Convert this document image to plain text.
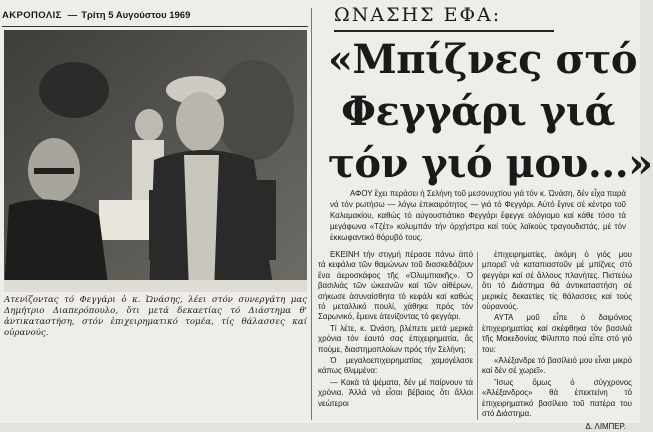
ΑΚΡΟΠΟΛΙΣ — Τρίτη 5 Αυγούστου 1969

Ατενίζοντας τό Φεγγάρι ὁ κ. Ὠνάσης, λέει στόν συνεργάτη μας Δημήτριο Διαπερόπουλο, ὅτι μετά δεκαετίας τό Διάστημα θ' ἀντικαταστήση, στόν ἐπιχειρηματικό τομέα, τίς θάλασσες καί οὐρανούς.

ΩΝΑΣΗΣ ΕΦΑ:
«Μπίζνες στό
Φεγγάρι γιά
τόν γιό μου...»

ΑΦΟΥ ἔχει περάσει ἡ Σελήνη τοῦ μεσονυχτίου γιά τόν κ. Ὠνάση, δέν εἶχα παρά νά τόν ρωτήσω — λόγω ἐπικαιρότητος — γιά τό Φεγγάρι. Αὐτό ἔγινε σέ κέντρο τοῦ Καλαμακίου, καθώς τό αὐγουστιάτικο Φεγγάρι ἔφεγγε ολόγιομο καί κάθε τόσο τά μεγάφωνα «Τζέτ» κολυμπάν τήν ὀρχήστρα καί τούς λαϊκούς τραγουδιστάς, μέ τόν ἐκκωφαντικό θόρυβό τους.

ΕΚΕΙΝΗ τήν στιγμή πέρασε πάνω ἀπό τά κεφάλια τῶν θαμώνων τοῦ διασκεδάζουν ἕνα ἀεροσκάφος τῆς «Ὀλυμπιακῆς». Ὁ βασιλιάς τῶν ὠκεανῶν καί τῶν αἰθέρων, σήκωσε ἀσυναίσθητα τό κεφάλι καί καθώς τό μεταλλικό πουλί, χάθηκε πρός τόν Σαρωνικό, ἔμεινε ἀτενίζοντας τό φεγγάρι.

Τί λέτε, κ. Ὠνάση, βλέπετε μετά μερικά χρόνια τόν ἑαυτό σας ἐπιχειρηματία, ἅς πούμε, διαστημοπλοίων πρός τήν Σελήνη;

Ὁ μεγαλοεπιχειρηματίας χαμογέλασε κάπως θλιμμένα:

— Κακά τά ψέματα, δέν μέ παίρνουν τά χρόνια. Ἀλλά νά εἶσαι βέβαιος ὅτι ἄλλοι νεώτεροι

ἐπιχειρηματίες, ἀκόμη ὁ γιός μου μπορεῖ νά καταπιαστοῦν μέ μπίζνες στό φεγγάρι καί σέ ἄλλους πλανήτες. Πιστεύω ὅτι τό Διάστημα θά ἀντικαταστήση σέ μερικές δεκαετίες τίς θάλασσες καί τούς οὐρανούς.

ΑΥΤΑ μοῦ εἶπε ὁ δαιμόνιος ἐπιχειρηματίας καί σκέφθηκα τόν βασιλιά τῆς Μακεδονίας Φίλιππο πού εἶπε στό γιό του:

«Ἀλέξανδρε τό βασίλειό μου εἶναι μικρό καί δέν σέ χωρεῖ».

Ἴσως ὅμως ὁ σύγχρονος «Ἀλέξανδρος» θά ἐπεκτείνη τό ἐπιχειρηματικό βασίλειο τοῦ πατέρα του στό Διάστημα.

Δ. ΛΙΜΠΕΡ.
